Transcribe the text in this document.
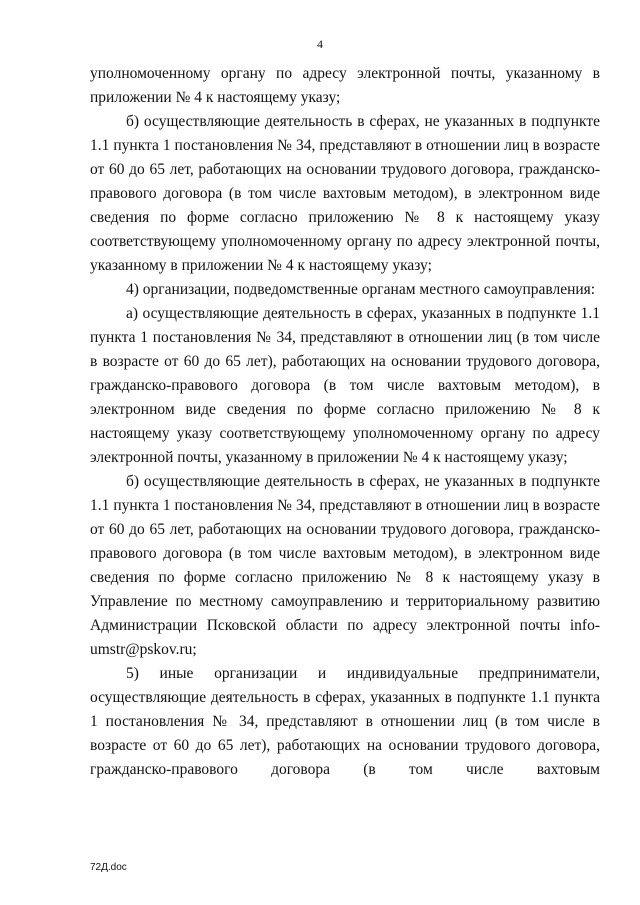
4

уполномоченному органу по адресу электронной почты, указанному в приложении № 4 к настоящему указу;

б) осуществляющие деятельность в сферах, не указанных в подпункте 1.1 пункта 1 постановления № 34, представляют в отношении лиц в возрасте от 60 до 65 лет, работающих на основании трудового договора, гражданско-правового договора (в том числе вахтовым методом), в электронном виде сведения по форме согласно приложению № 8 к настоящему указу соответствующему уполномоченному органу по адресу электронной почты, указанному в приложении № 4 к настоящему указу;

4) организации, подведомственные органам местного самоуправления:

а) осуществляющие деятельность в сферах, указанных в подпункте 1.1 пункта 1 постановления № 34, представляют в отношении лиц (в том числе в возрасте от 60 до 65 лет), работающих на основании трудового договора, гражданско-правового договора (в том числе вахтовым методом), в электронном виде сведения по форме согласно приложению № 8 к настоящему указу соответствующему уполномоченному органу по адресу электронной почты, указанному в приложении № 4 к настоящему указу;

б) осуществляющие деятельность в сферах, не указанных в подпункте 1.1 пункта 1 постановления № 34, представляют в отношении лиц в возрасте от 60 до 65 лет, работающих на основании трудового договора, гражданско-правового договора (в том числе вахтовым методом), в электронном виде сведения по форме согласно приложению № 8 к настоящему указу в Управление по местному самоуправлению и территориальному развитию Администрации Псковской области по адресу электронной почты info-umstr@pskov.ru;

5) иные организации и индивидуальные предприниматели, осуществляющие деятельность в сферах, указанных в подпункте 1.1 пункта 1 постановления № 34, представляют в отношении лиц (в том числе в возрасте от 60 до 65 лет), работающих на основании трудового договора, гражданско-правового договора (в том числе вахтовым

72Д.doc
